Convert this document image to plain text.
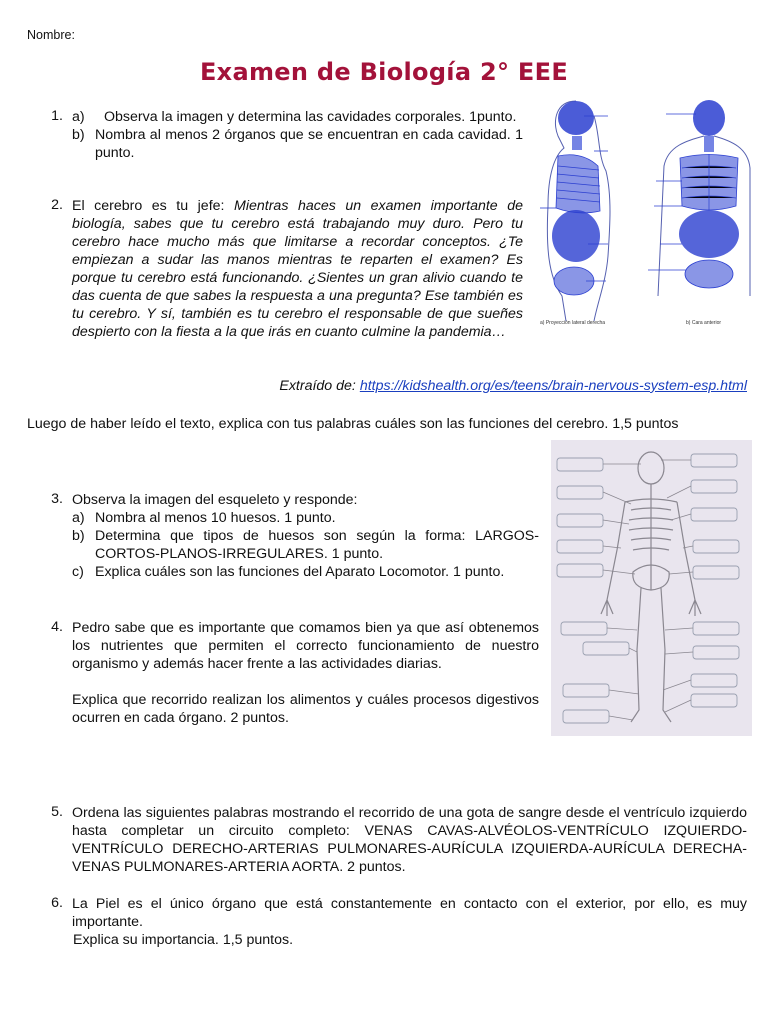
Nombre:
Examen de Biología 2° EEE
1. a)	Observa la imagen y determina las cavidades corporales. 1punto.
b) Nombra al menos 2 órganos que se encuentran en cada cavidad. 1 punto.
a) Proyección lateral derecha	b) Cara anterior
2. El cerebro es tu jefe: Mientras haces un examen importante de biología, sabes que tu cerebro está trabajando muy duro. Pero tu cerebro hace mucho más que limitarse a recordar conceptos. ¿Te empiezan a sudar las manos mientras te reparten el examen? Es porque tu cerebro está funcionando. ¿Sientes un gran alivio cuando te das cuenta de que sabes la respuesta a una pregunta? Ese también es tu cerebro. Y sí, también es tu cerebro el responsable de que sueñes despierto con la fiesta a la que irás en cuanto culmine la pandemia…
Extraído de: https://kidshealth.org/es/teens/brain-nervous-system-esp.html
Luego de haber leído el texto, explica con tus palabras cuáles son las funciones del cerebro. 1,5 puntos
3. Observa la imagen del esqueleto y responde:

a) Nombra al menos 10 huesos. 1 punto.
b) Determina que tipos de huesos son según la forma: LARGOS-CORTOS-PLANOS-IRREGULARES. 1 punto.
c) Explica cuáles son las funciones del Aparato Locomotor. 1 punto.
4. Pedro sabe que es importante que comamos bien ya que así obtenemos los nutrientes que permiten el correcto funcionamiento de nuestro organismo y además hacer frente a las actividades diarias.

Explica que recorrido realizan los alimentos y cuáles procesos digestivos ocurren en cada órgano. 2 puntos.

5. Ordena las siguientes palabras mostrando el recorrido de una gota de sangre desde el ventrículo izquierdo hasta completar un circuito completo: VENAS CAVAS-ALVÉOLOS-VENTRÍCULO IZQUIERDO-VENTRÍCULO DERECHO-ARTERIAS PULMONARES-AURÍCULA IZQUIERDA-AURÍCULA DERECHA-VENAS PULMONARES-ARTERIA AORTA. 2 puntos.
6. La Piel es el único órgano que está constantemente en contacto con el exterior, por ello, es muy importante.

Explica su importancia. 1,5 puntos.
